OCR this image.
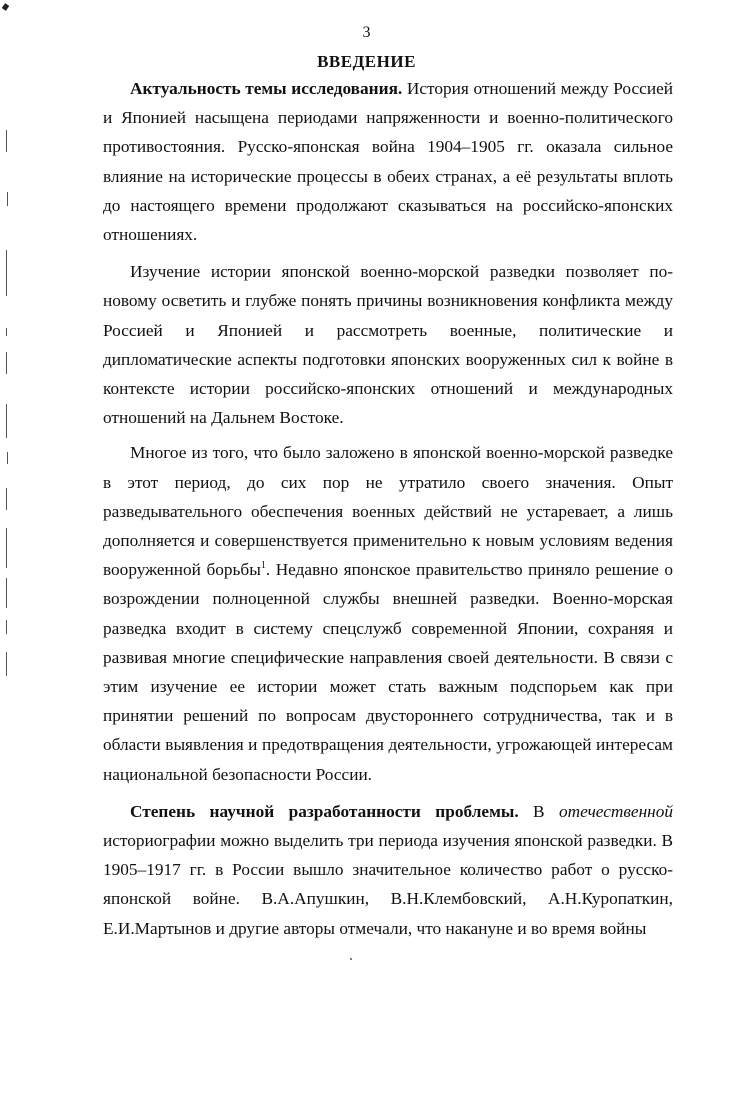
3
ВВЕДЕНИЕ

Актуальность темы исследования. История отношений между Россией и Японией насыщена периодами напряженности и военно-политического противостояния. Русско-японская война 1904–1905 гг. оказала сильное влияние на исторические процессы в обеих странах, а её результаты вплоть до настоящего времени продолжают сказываться на российско-японских отношениях.

Изучение истории японской военно-морской разведки позволяет по-новому осветить и глубже понять причины возникновения конфликта между Россией и Японией и рассмотреть военные, политические и дипломатические аспекты подготовки японских вооруженных сил к войне в контексте истории российско-японских отношений и международных отношений на Дальнем Востоке.

Многое из того, что было заложено в японской военно-морской разведке в этот период, до сих пор не утратило своего значения. Опыт разведывательного обеспечения военных действий не устаревает, а лишь дополняется и совершенствуется применительно к новым условиям ведения вооруженной борьбы$^1$. Недавно японское правительство приняло решение о возрождении полноценной службы внешней разведки. Военно-морская разведка входит в систему спецслужб современной Японии, сохраняя и развивая многие специфические направления своей деятельности. В связи с этим изучение ее истории может стать важным подспорьем как при принятии решений по вопросам двустороннего сотрудничества, так и в области выявления и предотвращения деятельности, угрожающей интересам национальной безопасности России.

Степень научной разработанности проблемы. В отечественной историографии можно выделить три периода изучения японской разведки. В 1905–1917 гг. в России вышло значительное количество работ о русско-японской войне. В.А.Апушкин, В.Н.Клембовский, А.Н.Куропаткин, Е.И.Мартынов и другие авторы отмечали, что накануне и во время войны
